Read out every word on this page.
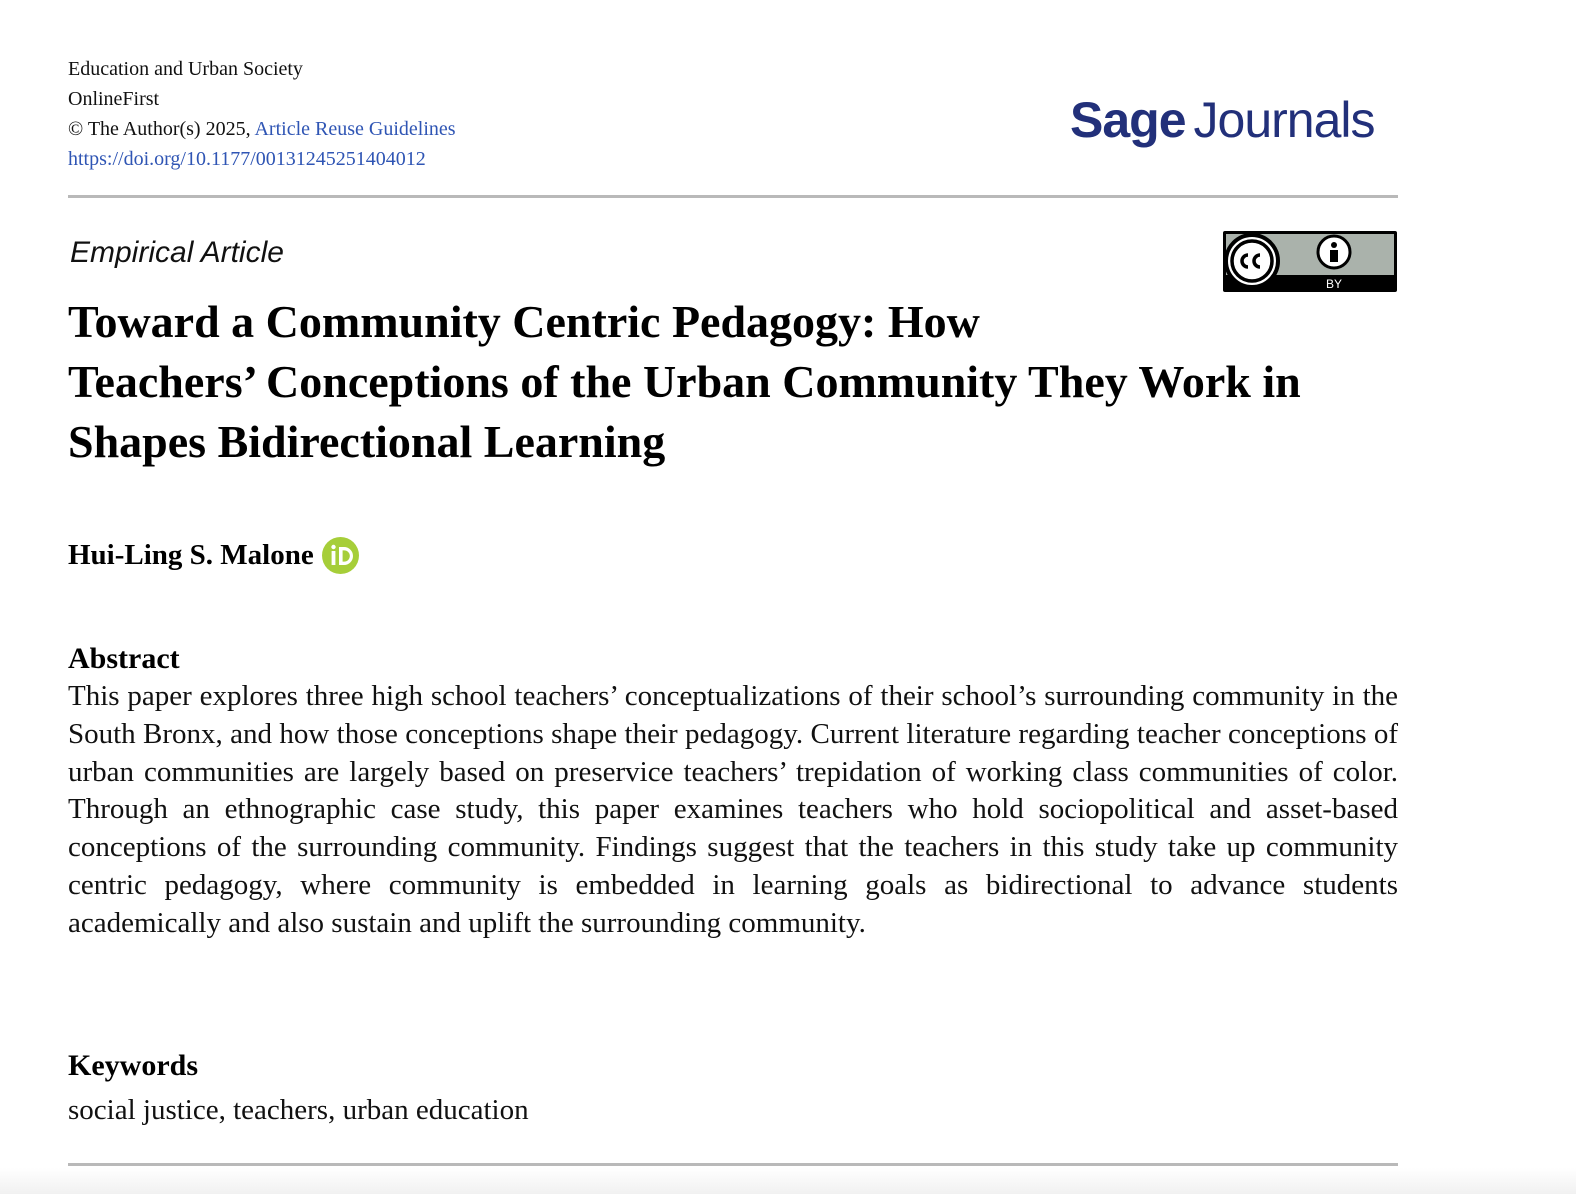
Education and Urban Society
OnlineFirst
© The Author(s) 2025, Article Reuse Guidelines
https://doi.org/10.1177/00131245251404012
Sage Journals
Empirical Article
BY
Toward a Community Centric Pedagogy: How
Teachers’ Conceptions of the Urban Community They Work in
Shapes Bidirectional Learning
Hui-Ling S. Malone
Abstract

This paper explores three high school teachers’ conceptualizations of their school’s surrounding community in the South Bronx, and how those conceptions shape their pedagogy. Current literature regarding teacher conceptions of urban communities are largely based on preservice teachers’ trepidation of working class communities of color. Through an ethnographic case study, this paper examines teachers who hold sociopolitical and asset-based conceptions of the surrounding community. Findings suggest that the teachers in this study take up community centric pedagogy, where community is embedded in learning goals as bidirectional to advance students academically and also sustain and uplift the surrounding community.

Keywords
social justice, teachers, urban education
